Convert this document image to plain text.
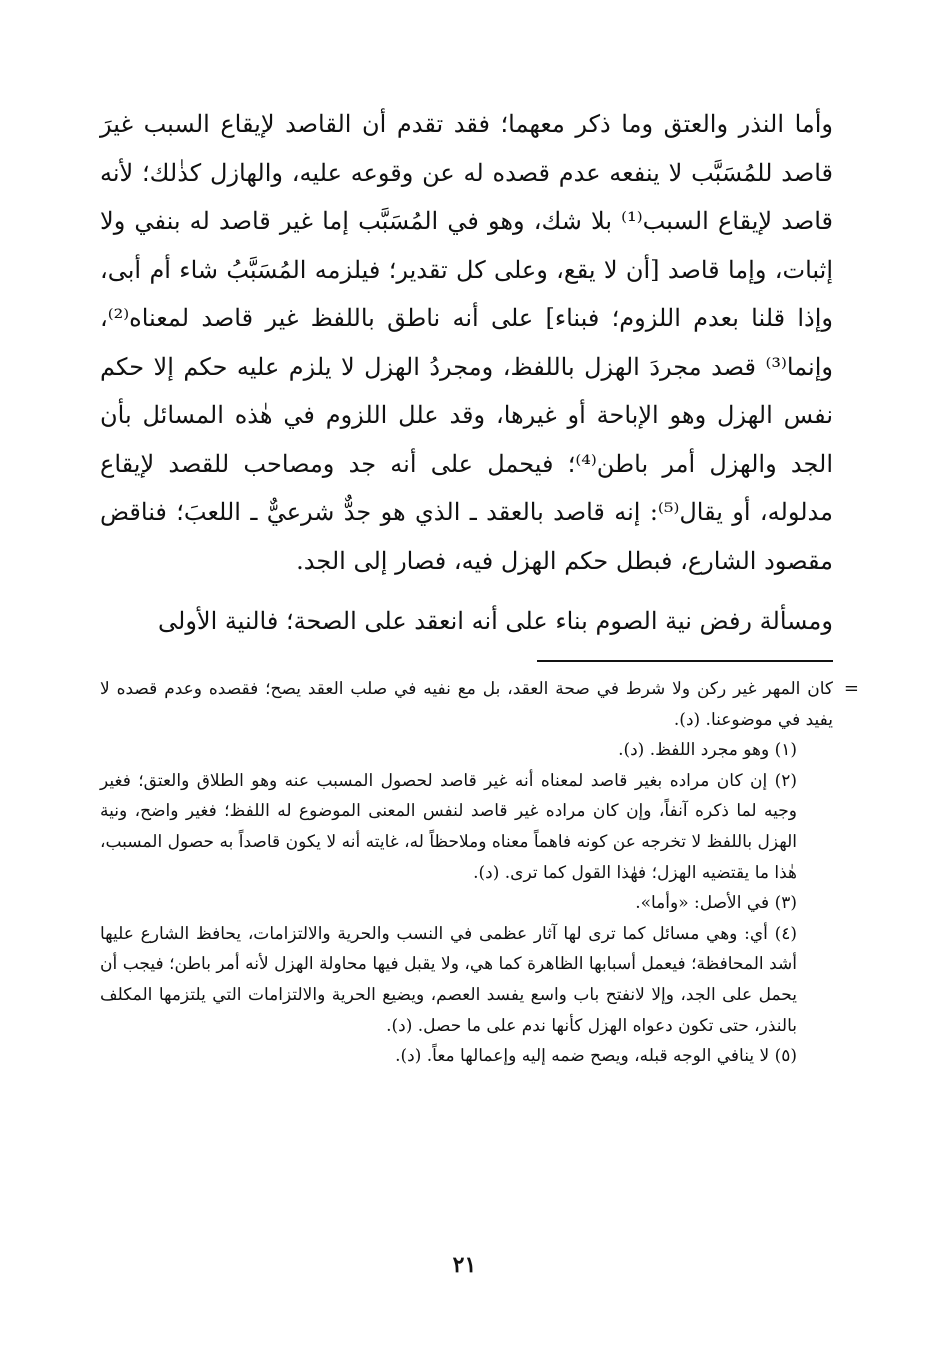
وأما النذر والعتق وما ذكر معهما؛ فقد تقدم أن القاصد لإيقاع السبب غيرَ قاصد للمُسَبَّب لا ينفعه عدم قصده له عن وقوعه عليه، والهازل كذٰلك؛ لأنه قاصد لإيقاع السبب⁽¹⁾ بلا شك، وهو في المُسَبَّب إما غير قاصد له بنفي ولا إثبات، وإما قاصد [أن لا يقع، وعلى كل تقدير؛ فيلزمه المُسَبَّبُ شاء أم أبى، وإذا قلنا بعدم اللزوم؛ فبناء] على أنه ناطق باللفظ غير قاصد لمعناه⁽²⁾، وإنما⁽³⁾ قصد مجردَ الهزل باللفظ، ومجردُ الهزل لا يلزم عليه حكم إلا حكم نفس الهزل وهو الإباحة أو غيرها، وقد علل اللزوم في هٰذه المسائل بأن الجد والهزل أمر باطن⁽⁴⁾؛ فيحمل على أنه جد ومصاحب للقصد لإيقاع مدلوله، أو يقال⁽⁵⁾: إنه قاصد بالعقد ـ الذي هو جدٌّ شرعيٌّ ـ اللعبَ؛ فناقض مقصود الشارع، فبطل حكم الهزل فيه، فصار إلى الجد.

ومسألة رفض نية الصوم بناء على أنه انعقد على الصحة؛ فالنية الأولى

=
كان المهر غير ركن ولا شرط في صحة العقد، بل مع نفيه في صلب العقد يصح؛ فقصده وعدم قصده لا يفيد في موضوعنا. (د).

(١) وهو مجرد اللفظ. (د).

(٢) إن كان مراده بغير قاصد لمعناه أنه غير قاصد لحصول المسبب عنه وهو الطلاق والعتق؛ فغير وجيه لما ذكره آنفاً، وإن كان مراده غير قاصد لنفس المعنى الموضوع له اللفظ؛ فغير واضح، ونية الهزل باللفظ لا تخرجه عن كونه فاهماً معناه وملاحظاً له، غايته أنه لا يكون قاصداً به حصول المسبب، هٰذا ما يقتضيه الهزل؛ فهٰذا القول كما ترى. (د).

(٣) في الأصل: «وأما».

(٤) أي: وهي مسائل كما ترى لها آثار عظمى في النسب والحرية والالتزامات، يحافظ الشارع عليها أشد المحافظة؛ فيعمل أسبابها الظاهرة كما هي، ولا يقبل فيها محاولة الهزل لأنه أمر باطن؛ فيجب أن يحمل على الجد، وإلا لانفتح باب واسع يفسد العصم، ويضيع الحرية والالتزامات التي يلتزمها المكلف بالنذر، حتى تكون دعواه الهزل كأنها ندم على ما حصل. (د).

(٥) لا ينافي الوجه قبله، ويصح ضمه إليه وإعمالها معاً. (د).

٢١
